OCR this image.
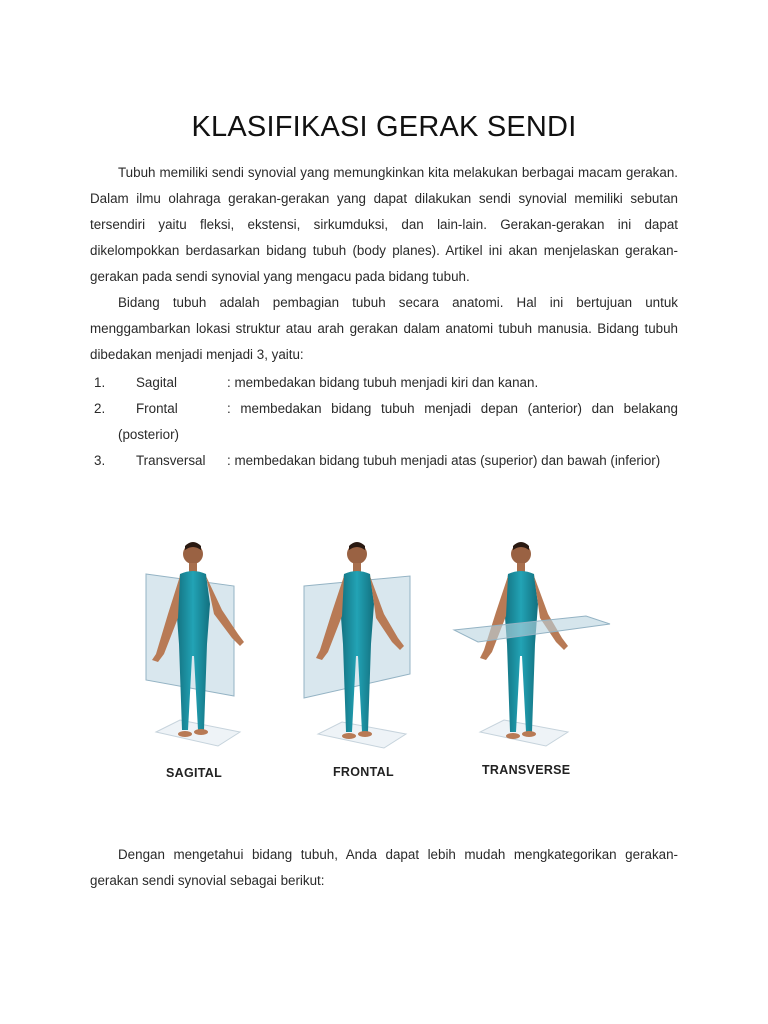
KLASIFIKASI GERAK SENDI

Tubuh memiliki sendi synovial yang memungkinkan kita melakukan berbagai macam gerakan. Dalam ilmu olahraga gerakan-gerakan yang dapat dilakukan sendi synovial memiliki sebutan tersendiri yaitu fleksi, ekstensi, sirkumduksi, dan lain-lain. Gerakan-gerakan ini dapat dikelompokkan berdasarkan bidang tubuh (body planes). Artikel ini akan menjelaskan gerakan-gerakan pada sendi synovial yang mengacu pada bidang tubuh.

Bidang tubuh adalah pembagian tubuh secara anatomi. Hal ini bertujuan untuk menggambarkan lokasi struktur atau arah gerakan dalam anatomi tubuh manusia. Bidang tubuh dibedakan menjadi menjadi 3, yaitu:

1. Sagital	: membedakan bidang tubuh menjadi kiri dan kanan.
2. Frontal	: membedakan bidang tubuh menjadi depan (anterior) dan belakang
(posterior)
3. Transversal : membedakan bidang tubuh menjadi atas (superior) dan bawah (inferior)
SAGITAL	FRONTAL	TRANSVERSE

Dengan mengetahui bidang tubuh, Anda dapat lebih mudah mengkategorikan gerakan-gerakan sendi synovial sebagai berikut:
